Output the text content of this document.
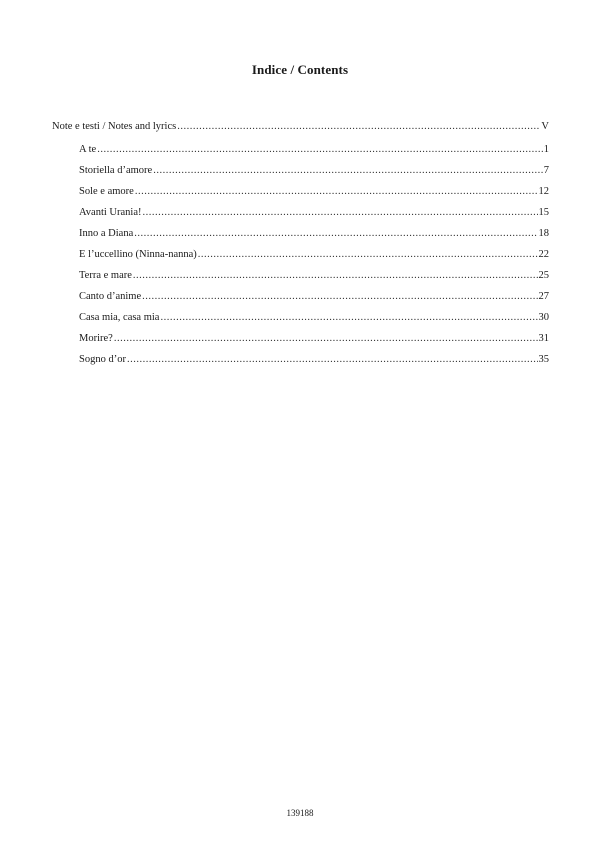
Indice / Contents
Note e testi / Notes and lyrics .....	V
A te .....	1
Storiella d’amore .....	7
Sole e amore .....	12
Avanti Urania! .....	15
Inno a Diana .....	18
E l’uccellino (Ninna-nanna) .....	22
Terra e mare .....	25
Canto d’anime .....	27
Casa mia, casa mia .....	30
Morire? .....	31
Sogno d’or .....	35
139188
